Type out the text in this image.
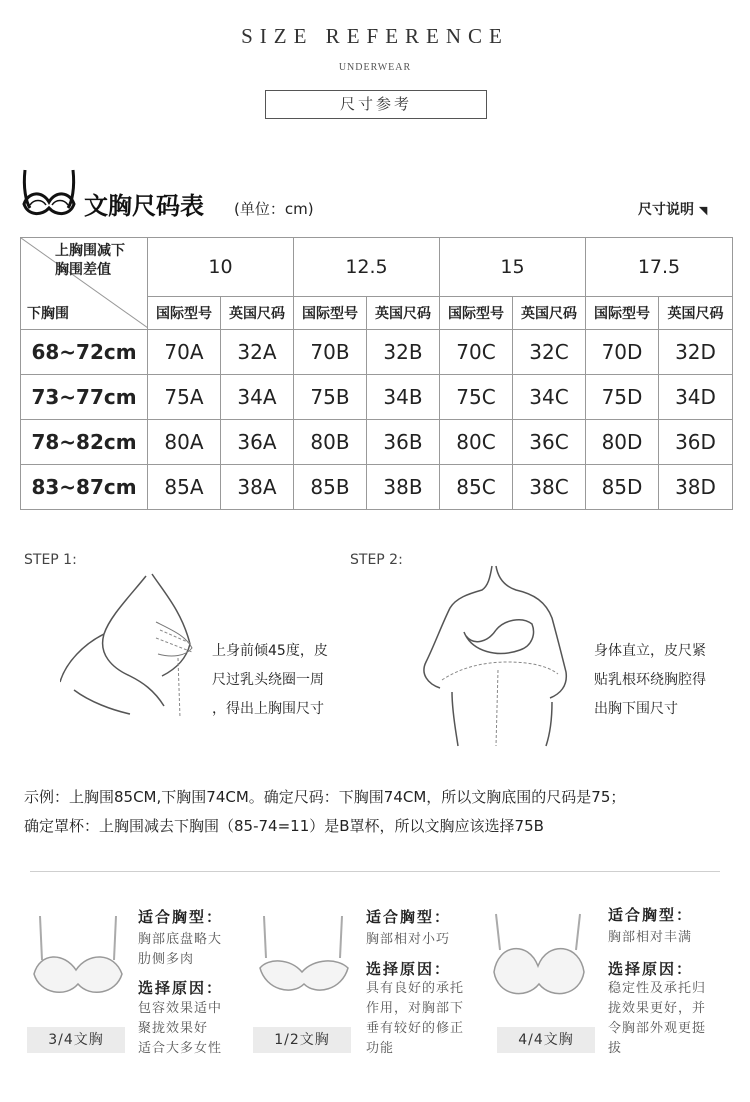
SIZE REFERENCE
UNDERWEAR
尺寸参考
文胸尺码表 (单位：cm)	尺寸说明 ◥
上胸围减下
胸围差值
下胸围	10		12.5		15		17.5	
	国际型号	英国尺码	国际型号	英国尺码	国际型号	英国尺码	国际型号	英国尺码
68~72cm	70A	32A	70B	32B	70C	32C	70D	32D
73~77cm	75A	34A	75B	34B	75C	34C	75D	34D
78~82cm	80A	36A	80B	36B	80C	36C	80D	36D
83~87cm	85A	38A	85B	38B	85C	38C	85D	38D
STEP 1:
上身前倾45度，皮
尺过乳头绕圈一周
，得出上胸围尺寸
STEP 2:
身体直立，皮尺紧
贴乳根环绕胸腔得
出胸下围尺寸
示例：上胸围85CM,下胸围74CM。确定尺码：下胸围74CM，所以文胸底围的尺码是75；
确定罩杯：上胸围减去下胸围（85-74=11）是B罩杯，所以文胸应该选择75B
3/4文胸
适合胸型：
胸部底盘略大
肋侧多肉
选择原因：
包容效果适中
聚拢效果好
适合大多女性
1/2文胸
适合胸型：
胸部相对小巧
选择原因：
具有良好的承托
作用，对胸部下
垂有较好的修正
功能
4/4文胸
适合胸型：
胸部相对丰满
选择原因：
稳定性及承托归
拢效果更好，并
令胸部外观更挺
拔
